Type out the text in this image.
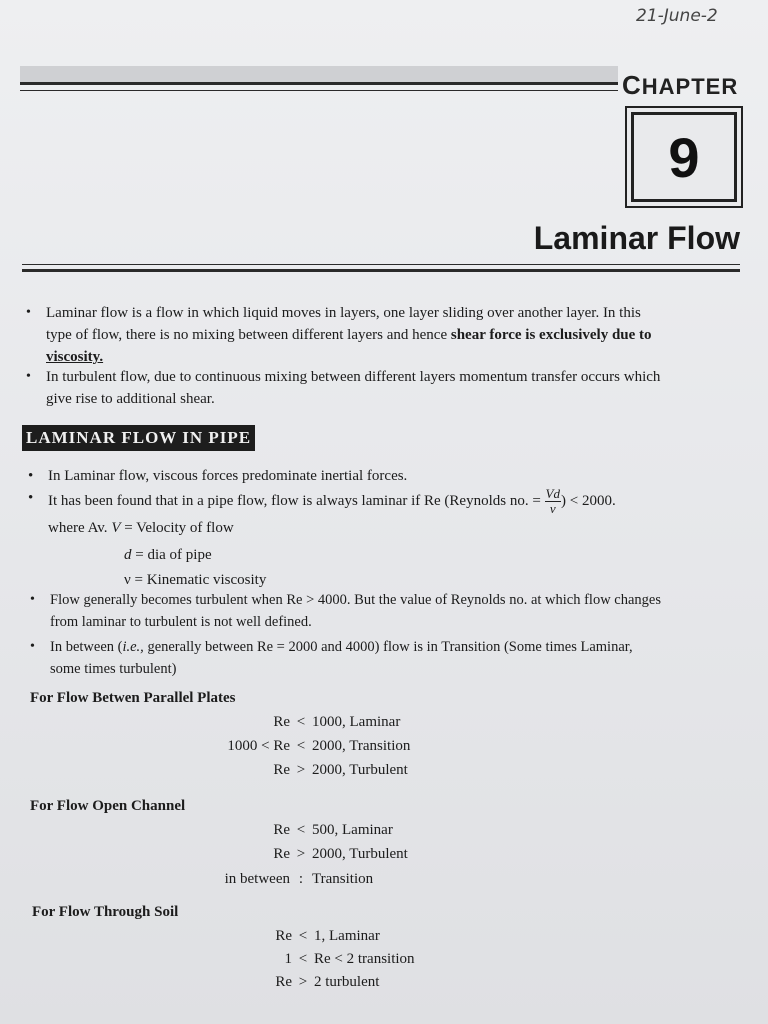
21-June-2
CHAPTER
9
Laminar Flow
• Laminar flow is a flow in which liquid moves in layers, one layer sliding over another layer. In this
type of flow, there is no mixing between different layers and hence shear force is exclusively due to
viscosity.
• In turbulent flow, due to continuous mixing between different layers momentum transfer occurs which
give rise to additional shear.
LAMINAR FLOW IN PIPE
• In Laminar flow, viscous forces predominate inertial forces.
• It has been found that in a pipe flow, flow is always laminar if Re (Reynolds no. = $\frac{Vd}{\nu}$ ) < 2000.
where Av. V = Velocity of flow
d = dia of pipe
ν = Kinematic viscosity
• Flow generally becomes turbulent when Re > 4000. But the value of Reynolds no. at which flow changes
from laminar to turbulent is not well defined.
• In between (i.e., generally between Re = 2000 and 4000) flow is in Transition (Some times Laminar,
some times turbulent)
For Flow Betwen Parallel Plates
Re < 1000, Laminar
1000 < Re < 2000, Transition
Re > 2000, Turbulent
For Flow Open Channel
Re < 500, Laminar
Re > 2000, Turbulent
in between : Transition
For Flow Through Soil
Re < 1, Laminar
1 < Re < 2 transition
Re > 2 turbulent
